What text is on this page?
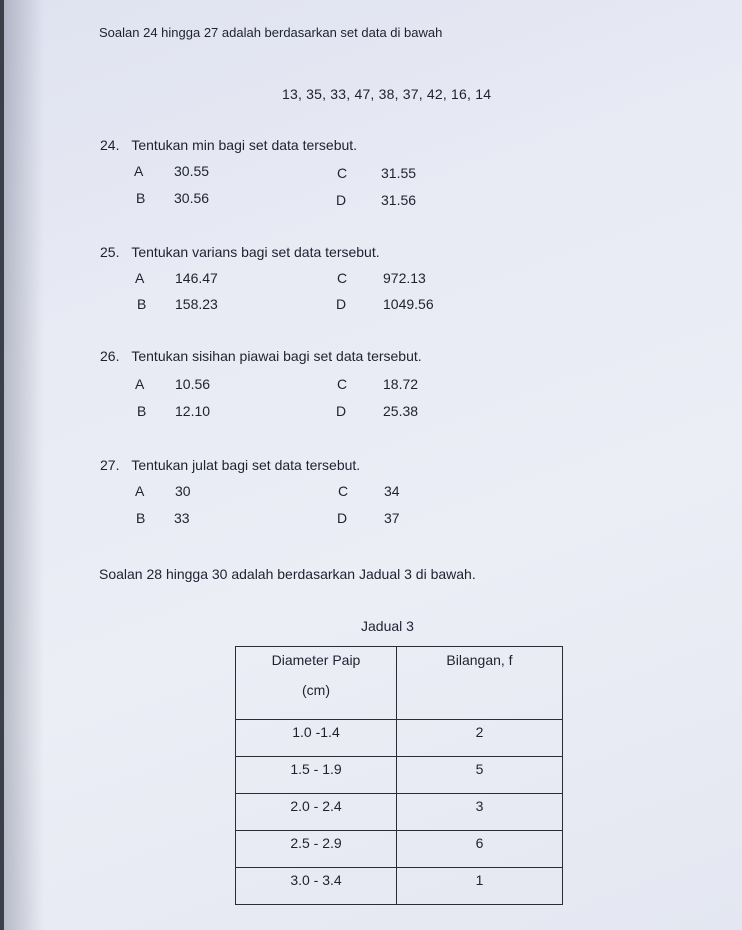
Soalan 24 hingga 27 adalah berdasarkan set data di bawah
13, 35, 33, 47, 38, 37, 42, 16, 14
24. Tentukan min bagi set data tersebut.
A 30.55	C 31.55
B 30.56	D 31.56
25. Tentukan varians bagi set data tersebut.
A 146.47	C	972.13
B 158.23	D	1049.56
26. Tentukan sisihan piawai bagi set data tersebut.
A 10.56	C	18.72
B 12.10	D	25.38
27. Tentukan julat bagi set data tersebut.
A 30	C	34
B 33	D	37
Soalan 28 hingga 30 adalah berdasarkan Jadual 3 di bawah.
Jadual 3
Diameter Paip
(cm)	Bilangan, f

1.0 -1.4	2

1.5 - 1.9	5

2.0 - 2.4	3

2.5 - 2.9	6

3.0 - 3.4	1
